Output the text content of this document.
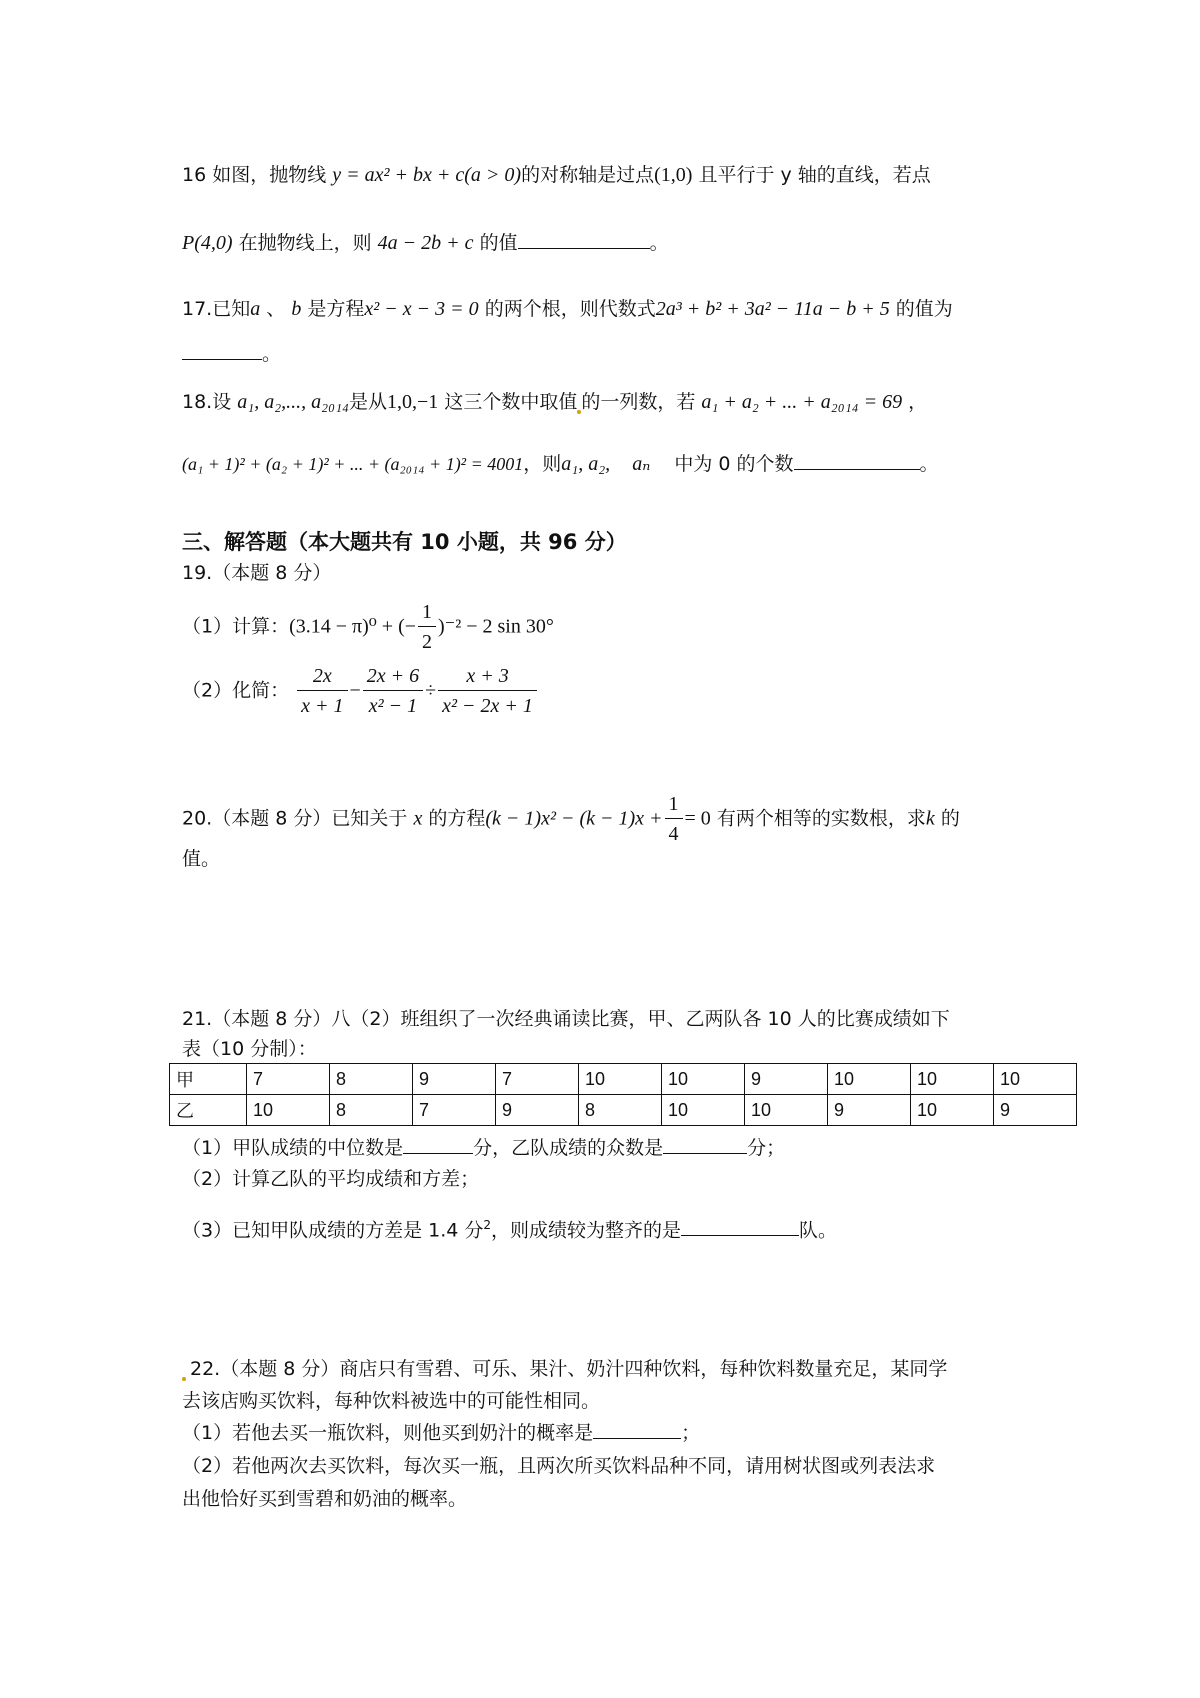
16 如图，抛物线 y = ax² + bx + c(a > 0)的对称轴是过点(1,0) 且平行于 y 轴的直线，若点
P(4,0) 在抛物线上，则 4a − 2b + c 的值	。
17.已知a 、 b 是方程x² − x − 3 = 0 的两个根，则代数式2a³ + b² + 3a² − 11a − b + 5 的值为
。
18.设 a₁, a₂,..., a₂₀₁₄是从1,0,−1 这三个数中取值 的一列数，若 a₁ + a₂ + ... + a₂₀₁₄ = 69 ，
(a₁ + 1)² + (a₂ + 1)² + ... + (a₂₀₁₄ + 1)² = 4001，则a₁, a₂, aₙ 中为 0 的个数	。
三、解答题（本大题共有 10 小题，共 96 分）
19.（本题 8 分）
（1）计算：(3.14 − π)⁰ + (− $\frac{1}{2} )^{-2} - 2$ sin 30°
（2）化简： $\frac{2x}{x + 1} - \frac{2x + 6}{\text{x² − 1}} \div \frac{x + 3}{\text{x² − 2x + 1}}$
20.（本题 8 分）已知关于 x 的方程$(k - 1)x^2 - (k - 1)x + \frac{1}{4} = 0$ 有两个相等的实数根，求k 的
值。
21.（本题 8 分）八（2）班组织了一次经典诵读比赛，甲、乙两队各 10 人的比赛成绩如下
表（10 分制）：
甲	7	8	9	7	10	10	9	10	10	10
乙	10	8	7	9	8	10	10	9	10	9
（1）甲队成绩的中位数是	分，乙队成绩的众数是	分；
（2）计算乙队的平均成绩和方差；
（3）已知甲队成绩的方差是 1.4 分$^2$，则成绩较为整齐的是	队。
22.（本题 8 分）商店只有雪碧、可乐、果汁、奶汁四种饮料，每种饮料数量充足，某同学
去该店购买饮料，每种饮料被选中的可能性相同。
（1）若他去买一瓶饮料，则他买到奶汁的概率是	；
（2）若他两次去买饮料，每次买一瓶，且两次所买饮料品种不同，请用树状图或列表法求
出他恰好买到雪碧和奶油的概率。
